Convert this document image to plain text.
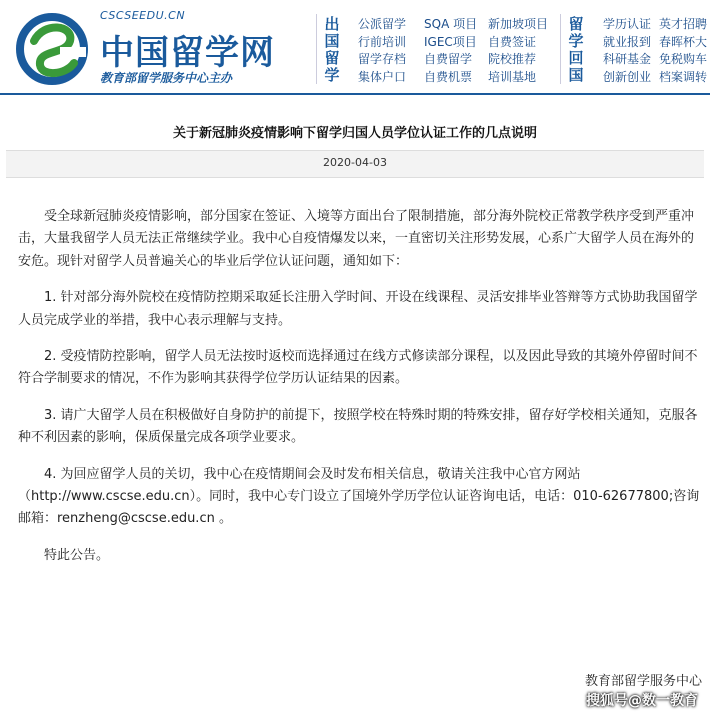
CSCSEEDU.CN
中国留学网
教育部留学服务中心主办
出
国
留
学
公派留学
行前培训
留学存档
集体户口
SQA 项目
IGEC项目
自费留学
自费机票
新加坡项目
自费签证
院校推荐
培训基地
留
学
回
国
学历认证
就业报到
科研基金
创新创业
英才招聘
春晖杯大
免税购车
档案调转
关于新冠肺炎疫情影响下留学归国人员学位认证工作的几点说明
2020-04-03

受全球新冠肺炎疫情影响，部分国家在签证、入境等方面出台了限制措施，部分海外院校正常教学秩序受到严重冲击，大量我留学人员无法正常继续学业。我中心自疫情爆发以来，一直密切关注形势发展，心系广大留学人员在海外的安危。现针对留学人员普遍关心的毕业后学位认证问题，通知如下：

1. 针对部分海外院校在疫情防控期采取延长注册入学时间、开设在线课程、灵活安排毕业答辩等方式协助我国留学人员完成学业的举措，我中心表示理解与支持。

2. 受疫情防控影响，留学人员无法按时返校而选择通过在线方式修读部分课程，以及因此导致的其境外停留时间不符合学制要求的情况，不作为影响其获得学位学历认证结果的因素。

3. 请广大留学人员在积极做好自身防护的前提下，按照学校在特殊时期的特殊安排，留存好学校相关通知，克服各种不利因素的影响，保质保量完成各项学业要求。

4. 为回应留学人员的关切，我中心在疫情期间会及时发布相关信息，敬请关注我中心官方网站（http://www.cscse.edu.cn）。同时，我中心专门设立了国境外学历学位认证咨询电话，电话：010-62677800;咨询邮箱：renzheng@cscse.edu.cn 。

特此公告。

教育部留学服务中心
搜狐号@数一教育
